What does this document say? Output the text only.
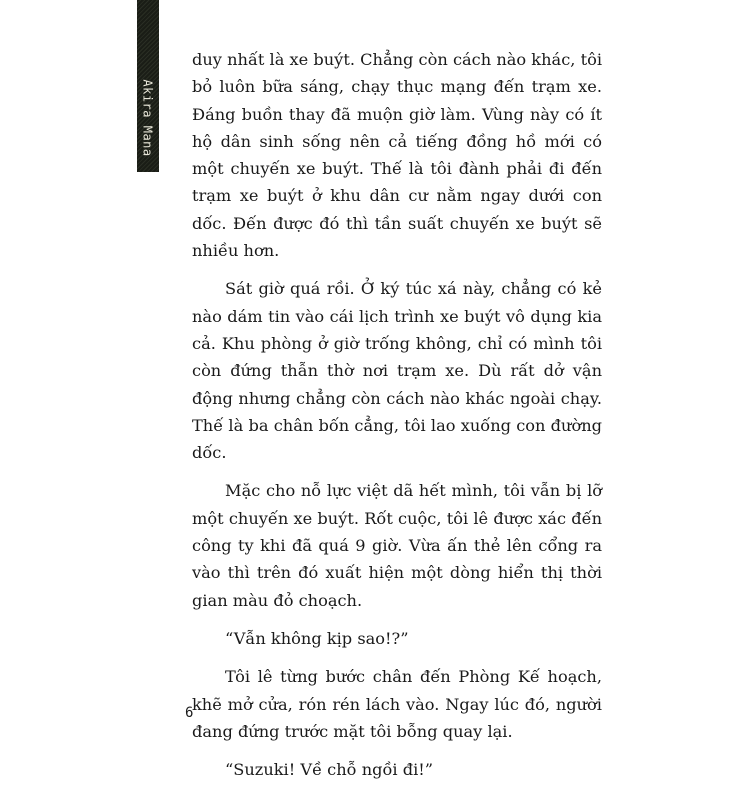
Akira Mana

duy nhất là xe buýt. Chẳng còn cách nào khác, tôi bỏ luôn bữa sáng, chạy thục mạng đến trạm xe. Đáng buồn thay đã muộn giờ làm. Vùng này có ít hộ dân sinh sống nên cả tiếng đồng hồ mới có một chuyến xe buýt. Thế là tôi đành phải đi đến trạm xe buýt ở khu dân cư nằm ngay dưới con dốc. Đến được đó thì tần suất chuyến xe buýt sẽ nhiều hơn.

Sát giờ quá rồi. Ở ký túc xá này, chẳng có kẻ nào dám tin vào cái lịch trình xe buýt vô dụng kia cả. Khu phòng ở giờ trống không, chỉ có mình tôi còn đứng thẫn thờ nơi trạm xe. Dù rất dở vận động nhưng chẳng còn cách nào khác ngoài chạy. Thế là ba chân bốn cẳng, tôi lao xuống con đường dốc.

Mặc cho nỗ lực việt dã hết mình, tôi vẫn bị lỡ một chuyến xe buýt. Rốt cuộc, tôi lê được xác đến công ty khi đã quá 9 giờ. Vừa ấn thẻ lên cổng ra vào thì trên đó xuất hiện một dòng hiển thị thời gian màu đỏ choạch.

“Vẫn không kịp sao!?”

Tôi lê từng bước chân đến Phòng Kế hoạch, khẽ mở cửa, rón rén lách vào. Ngay lúc đó, người đang đứng trước mặt tôi bỗng quay lại.

“Suzuki! Về chỗ ngồi đi!”

6
